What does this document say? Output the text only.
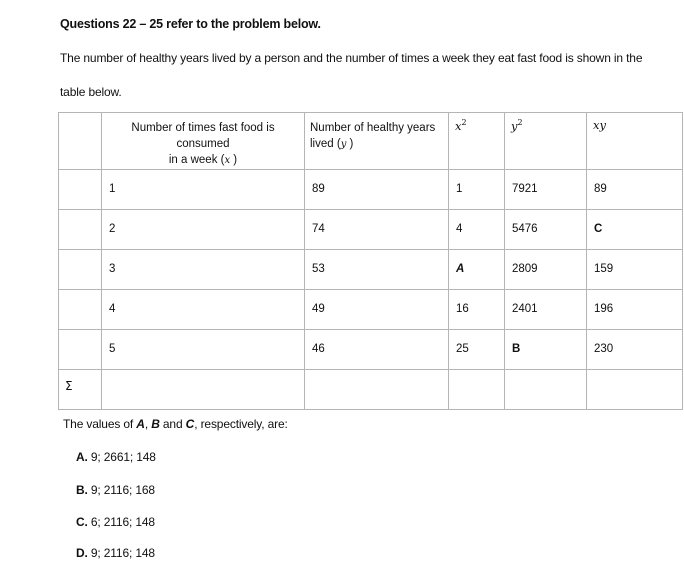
Questions 22 – 25 refer to the problem below.
The number of healthy years lived by a person and the number of times a week they eat fast food is shown in the
table below.

	Number of times fast food is consumed
in a week (x )	Number of healthy years
lived (y )	$x^2$	$y^2$	xy

	1	89	1	7921	89

	2	74	4	5476	C

	3	53	A	2809	159

	4	49	16	2401	196

	5	46	25	B	230

Σ					

The values of A, B and C, respectively, are:
A. 9; 2661; 148
B. 9; 2116; 168
C. 6; 2116; 148
D. 9; 2116; 148
